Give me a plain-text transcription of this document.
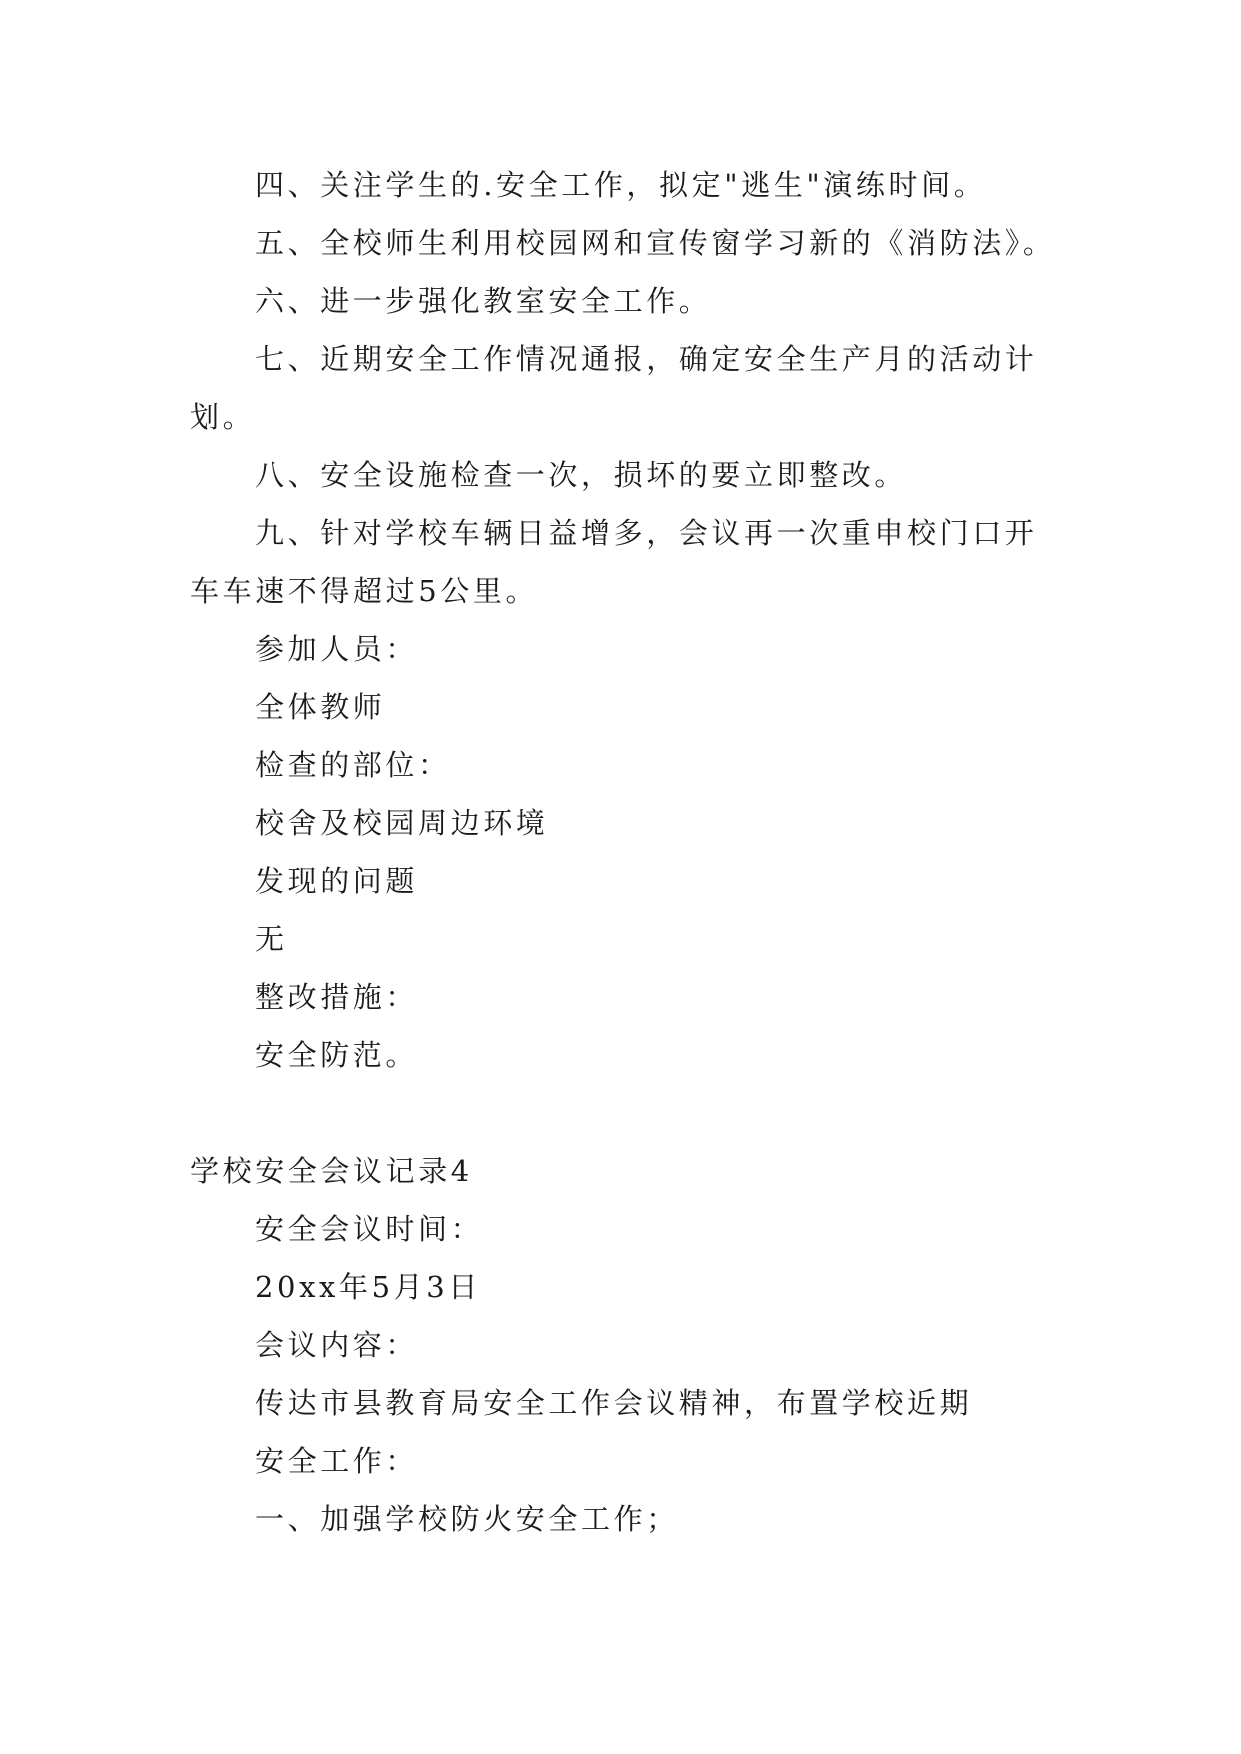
四、关注学生的.安全工作，拟定"逃生"演练时间。
五、全校师生利用校园网和宣传窗学习新的《消防法》。
六、进一步强化教室安全工作。
七、近期安全工作情况通报，确定安全生产月的活动计
划。
八、安全设施检查一次，损坏的要立即整改。
九、针对学校车辆日益增多，会议再一次重申校门口开
车车速不得超过5公里。
参加人员：
全体教师
检查的部位：
校舍及校园周边环境
发现的问题
无
整改措施：
安全防范。
学校安全会议记录4
安全会议时间：
20xx年5月3日
会议内容：
传达市县教育局安全工作会议精神，布置学校近期
安全工作：
一、加强学校防火安全工作；
